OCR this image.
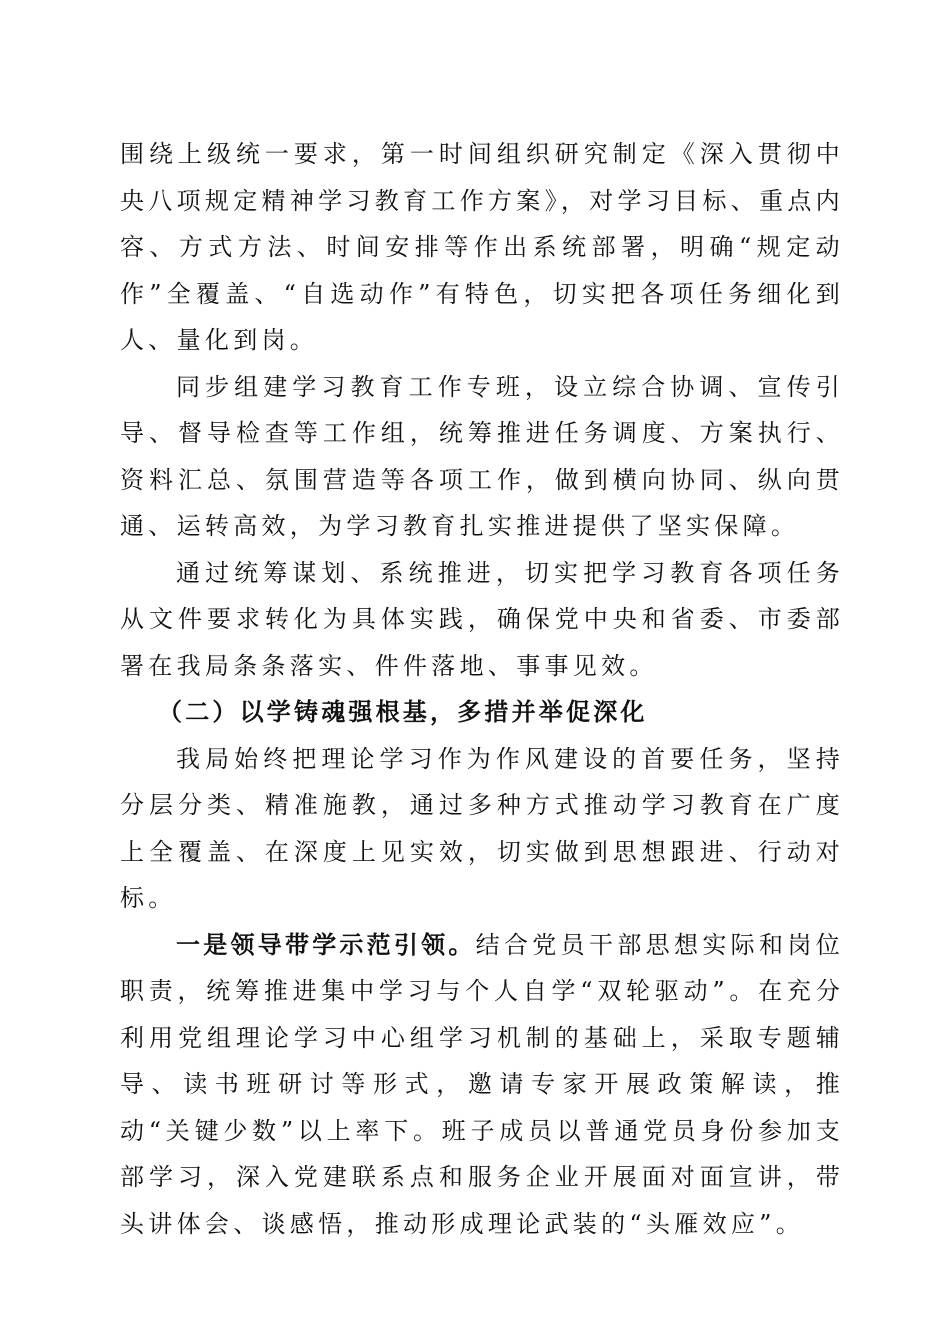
围绕上级统一要求，第一时间组织研究制定《深入贯彻中央八项规定精神学习教育工作方案》，对学习目标、重点内容、方式方法、时间安排等作出系统部署，明确“规定动作”全覆盖、“自选动作”有特色，切实把各项任务细化到人、量化到岗。

同步组建学习教育工作专班，设立综合协调、宣传引导、督导检查等工作组，统筹推进任务调度、方案执行、资料汇总、氛围营造等各项工作，做到横向协同、纵向贯通、运转高效，为学习教育扎实推进提供了坚实保障。

通过统筹谋划、系统推进，切实把学习教育各项任务从文件要求转化为具体实践，确保党中央和省委、市委部署在我局条条落实、件件落地、事事见效。

（二）以学铸魂强根基，多措并举促深化

我局始终把理论学习作为作风建设的首要任务，坚持分层分类、精准施教，通过多种方式推动学习教育在广度上全覆盖、在深度上见实效，切实做到思想跟进、行动对标。

一是领导带学示范引领。结合党员干部思想实际和岗位职责，统筹推进集中学习与个人自学“双轮驱动”。在充分利用党组理论学习中心组学习机制的基础上，采取专题辅导、读书班研讨等形式，邀请专家开展政策解读，推动“关键少数”以上率下。班子成员以普通党员身份参加支部学习，深入党建联系点和服务企业开展面对面宣讲，带头讲体会、谈感悟，推动形成理论武装的“头雁效应”。
